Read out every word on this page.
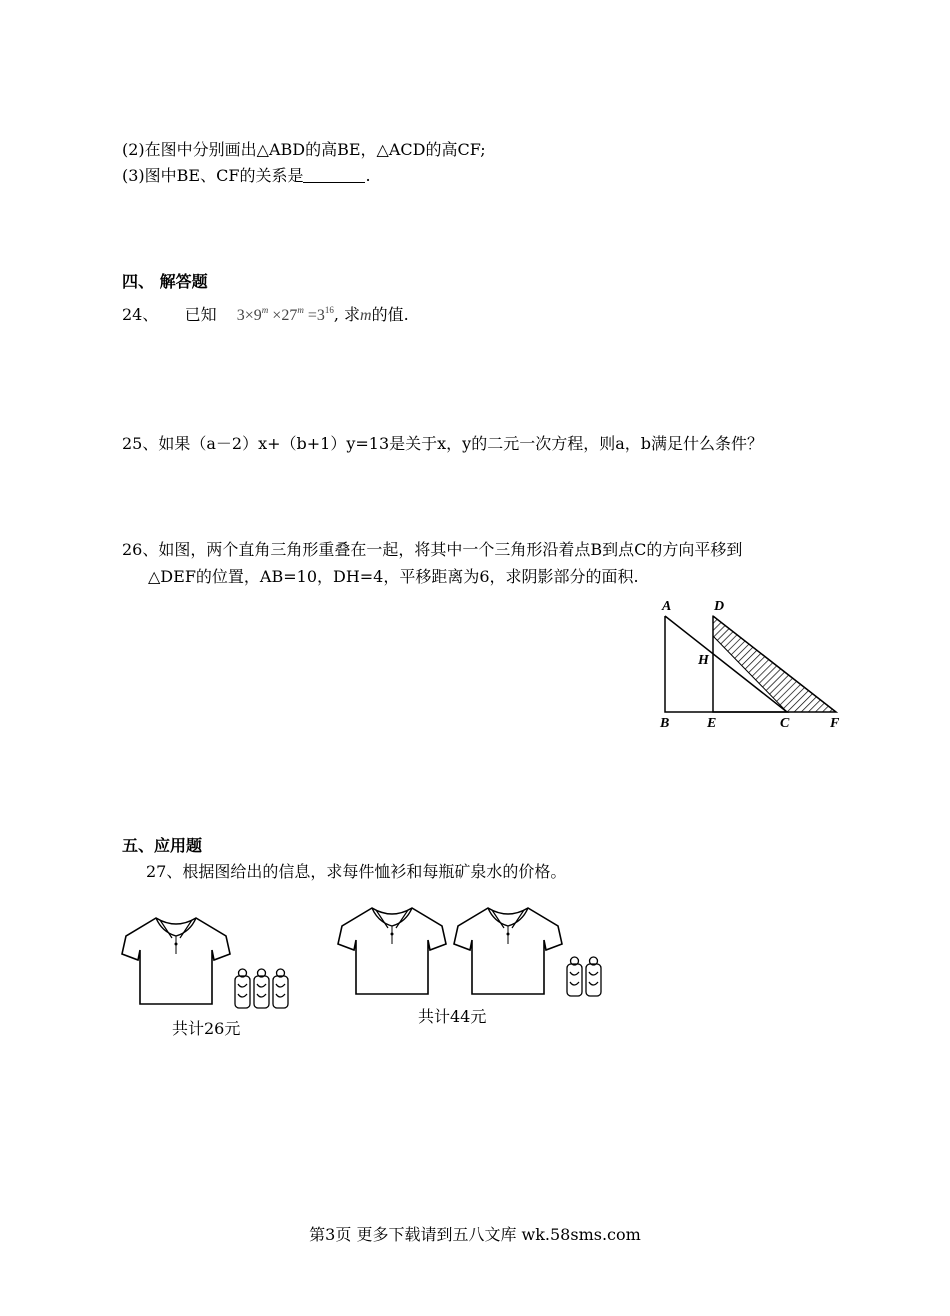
(2)在图中分别画出△ABD的高BE，△ACD的高CF;
(3)图中BE、CF的关系是	.
四、 解答题
24、 已知 $3\times 9^m \times 27^m =3^{16}$, 求m的值.
25、如果（a－2）x+（b+1）y=13是关于x，y的二元一次方程，则a，b满足什么条件？
26、如图，两个直角三角形重叠在一起，将其中一个三角形沿着点B到点C的方向平移到
△DEF的位置，AB=10，DH=4，平移距离为6，求阴影部分的面积.
A	D
H
B	E	C	F
五、应用题
27、根据图给出的信息，求每件恤衫和每瓶矿泉水的价格。
共计26元
共计44元
第3页 更多下载请到五八文库 wk.58sms.com
